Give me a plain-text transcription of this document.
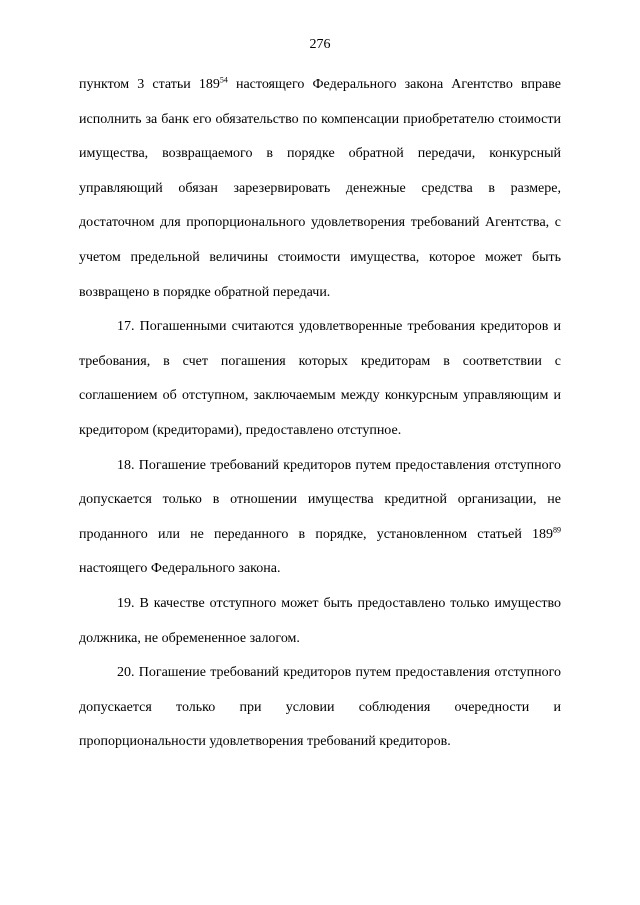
276

пунктом 3 статьи $189^{54}$ настоящего Федерального закона Агентство вправе исполнить за банк его обязательство по компенсации приобретателю стоимости имущества, возвращаемого в порядке обратной передачи, конкурсный управляющий обязан зарезервировать денежные средства в размере, достаточном для пропорционального удовлетворения требований Агентства, с учетом предельной величины стоимости имущества, которое может быть возвращено в порядке обратной передачи.

17. Погашенными считаются удовлетворенные требования кредиторов и требования, в счет погашения которых кредиторам в соответствии с соглашением об отступном, заключаемым между конкурсным управляющим и кредитором (кредиторами), предоставлено отступное.

18. Погашение требований кредиторов путем предоставления отступного допускается только в отношении имущества кредитной организации, не проданного или не переданного в порядке, установленном статьей $189^{89}$ настоящего Федерального закона.

19. В качестве отступного может быть предоставлено только имущество должника, не обремененное залогом.

20. Погашение требований кредиторов путем предоставления отступного допускается только при условии соблюдения очередности и пропорциональности удовлетворения требований кредиторов.
